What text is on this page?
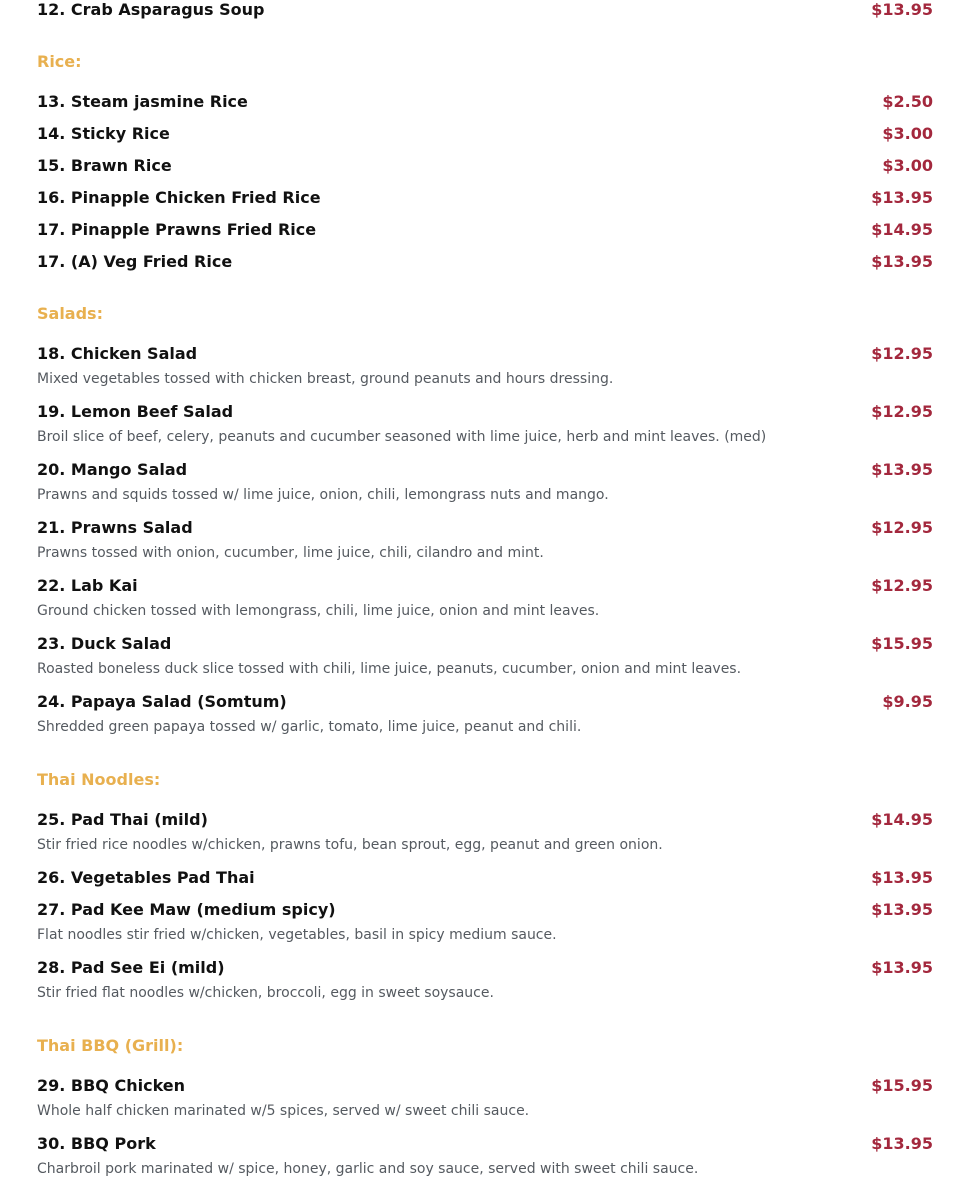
12. Crab Asparagus Soup	$13.95
Rice:
13. Steam jasmine Rice	$2.50
14. Sticky Rice	$3.00
15. Brawn Rice	$3.00
16. Pinapple Chicken Fried Rice	$13.95
17. Pinapple Prawns Fried Rice	$14.95
17. (A) Veg Fried Rice	$13.95
Salads:
18. Chicken Salad	$12.95
Mixed vegetables tossed with chicken breast, ground peanuts and hours dressing.
19. Lemon Beef Salad	$12.95
Broil slice of beef, celery, peanuts and cucumber seasoned with lime juice, herb and mint leaves. (med)
20. Mango Salad	$13.95
Prawns and squids tossed w/ lime juice, onion, chili, lemongrass nuts and mango.
21. Prawns Salad	$12.95
Prawns tossed with onion, cucumber, lime juice, chili, cilandro and mint.
22. Lab Kai	$12.95
Ground chicken tossed with lemongrass, chili, lime juice, onion and mint leaves.
23. Duck Salad	$15.95
Roasted boneless duck slice tossed with chili, lime juice, peanuts, cucumber, onion and mint leaves.
24. Papaya Salad (Somtum)	$9.95
Shredded green papaya tossed w/ garlic, tomato, lime juice, peanut and chili.
Thai Noodles:
25. Pad Thai (mild)	$14.95
Stir fried rice noodles w/chicken, prawns tofu, bean sprout, egg, peanut and green onion.
26. Vegetables Pad Thai	$13.95
27. Pad Kee Maw (medium spicy)	$13.95
Flat noodles stir fried w/chicken, vegetables, basil in spicy medium sauce.
28. Pad See Ei (mild)	$13.95
Stir fried flat noodles w/chicken, broccoli, egg in sweet soysauce.
Thai BBQ (Grill):
29. BBQ Chicken	$15.95
Whole half chicken marinated w/5 spices, served w/ sweet chili sauce.
30. BBQ Pork	$13.95
Charbroil pork marinated w/ spice, honey, garlic and soy sauce, served with sweet chili sauce.
